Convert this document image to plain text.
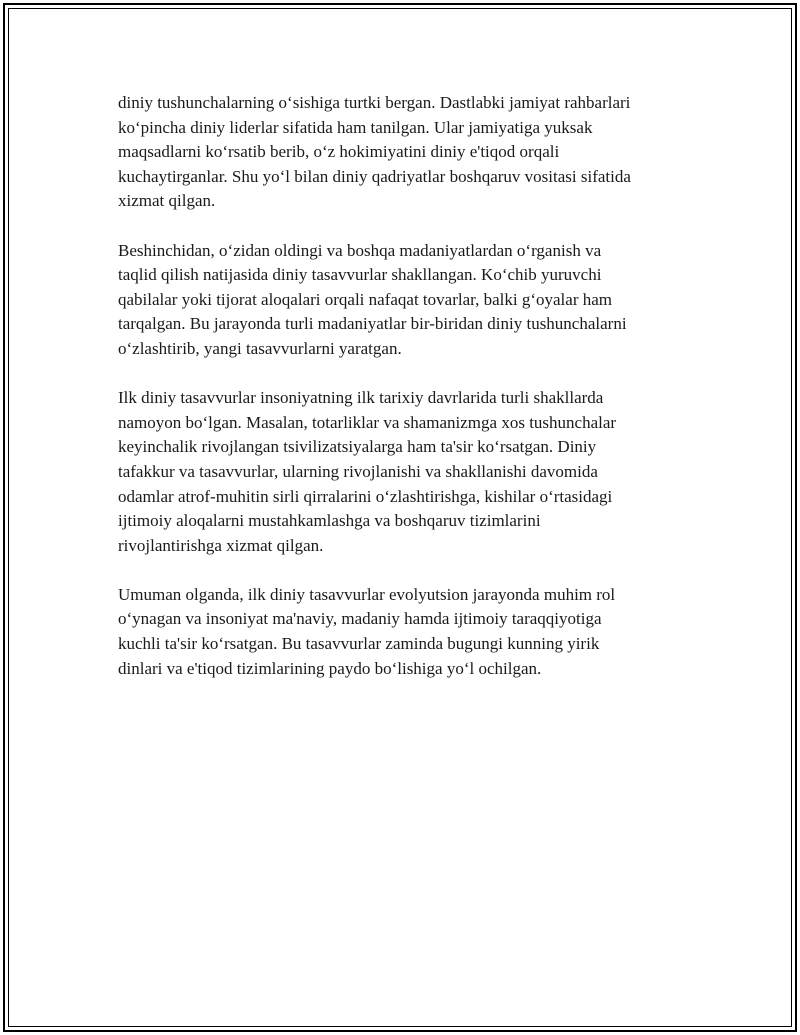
diniy tushunchalarning oʻsishiga turtki bergan. Dastlabki jamiyat rahbarlari
koʻpincha diniy liderlar sifatida ham tanilgan. Ular jamiyatiga yuksak
maqsadlarni koʻrsatib berib, oʻz hokimiyatini diniy e'tiqod orqali
kuchaytirganlar. Shu yoʻl bilan diniy qadriyatlar boshqaruv vositasi sifatida
xizmat qilgan.

Beshinchidan, oʻzidan oldingi va boshqa madaniyatlardan oʻrganish va
taqlid qilish natijasida diniy tasavvurlar shakllangan. Koʻchib yuruvchi
qabilalar yoki tijorat aloqalari orqali nafaqat tovarlar, balki gʻoyalar ham
tarqalgan. Bu jarayonda turli madaniyatlar bir-biridan diniy tushunchalarni
oʻzlashtirib, yangi tasavvurlarni yaratgan.

Ilk diniy tasavvurlar insoniyatning ilk tarixiy davrlarida turli shakllarda
namoyon boʻlgan. Masalan, totarliklar va shamanizmga xos tushunchalar
keyinchalik rivojlangan tsivilizatsiyalarga ham ta'sir koʻrsatgan. Diniy
tafakkur va tasavvurlar, ularning rivojlanishi va shakllanishi davomida
odamlar atrof-muhitin sirli qirralarini oʻzlashtirishga, kishilar oʻrtasidagi
ijtimoiy aloqalarni mustahkamlashga va boshqaruv tizimlarini
rivojlantirishga xizmat qilgan.

Umuman olganda, ilk diniy tasavvurlar evolyutsion jarayonda muhim rol
oʻynagan va insoniyat ma'naviy, madaniy hamda ijtimoiy taraqqiyotiga
kuchli ta'sir koʻrsatgan. Bu tasavvurlar zaminda bugungi kunning yirik
dinlari va e'tiqod tizimlarining paydo boʻlishiga yoʻl ochilgan.
